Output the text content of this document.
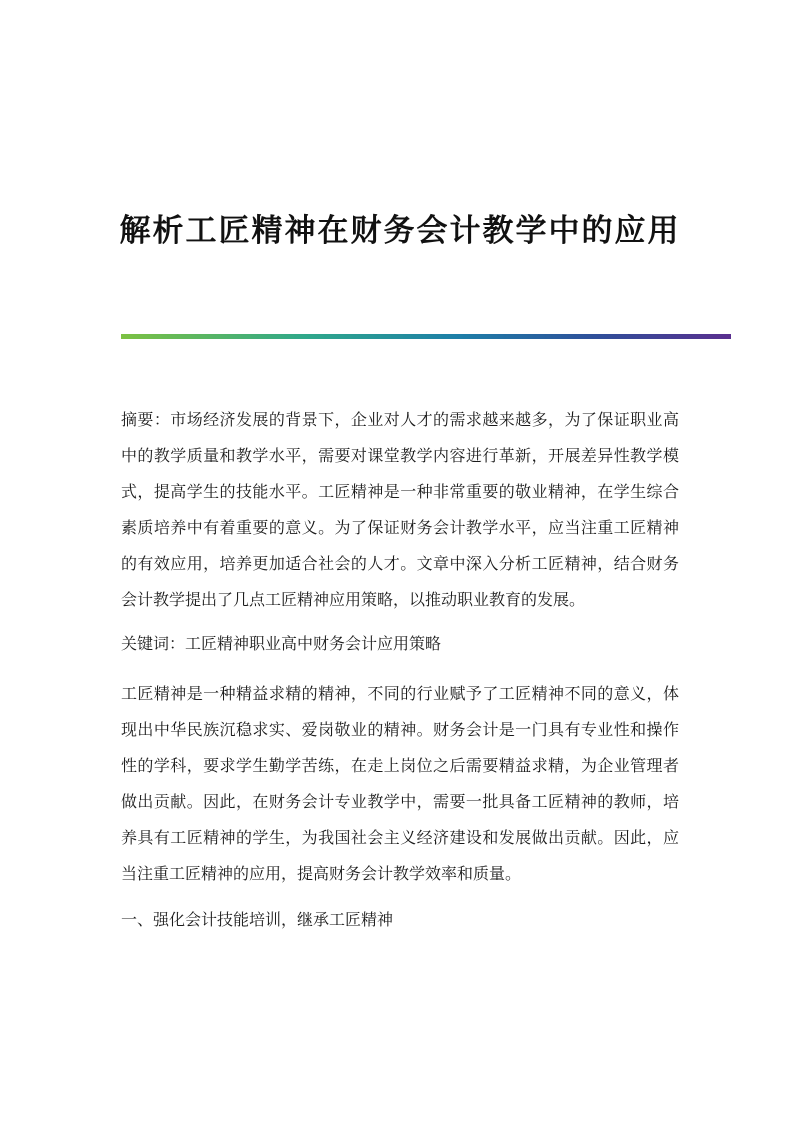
解析工匠精神在财务会计教学中的应用

摘要：市场经济发展的背景下，企业对人才的需求越来越多，为了保证职业高中的教学质量和教学水平，需要对课堂教学内容进行革新，开展差异性教学模式，提高学生的技能水平。工匠精神是一种非常重要的敬业精神，在学生综合素质培养中有着重要的意义。为了保证财务会计教学水平，应当注重工匠精神的有效应用，培养更加适合社会的人才。文章中深入分析工匠精神，结合财务会计教学提出了几点工匠精神应用策略，以推动职业教育的发展。

关键词：工匠精神职业高中财务会计应用策略

工匠精神是一种精益求精的精神，不同的行业赋予了工匠精神不同的意义，体现出中华民族沉稳求实、爱岗敬业的精神。财务会计是一门具有专业性和操作性的学科，要求学生勤学苦练，在走上岗位之后需要精益求精，为企业管理者做出贡献。因此，在财务会计专业教学中，需要一批具备工匠精神的教师，培养具有工匠精神的学生，为我国社会主义经济建设和发展做出贡献。因此，应当注重工匠精神的应用，提高财务会计教学效率和质量。

一、强化会计技能培训，继承工匠精神
